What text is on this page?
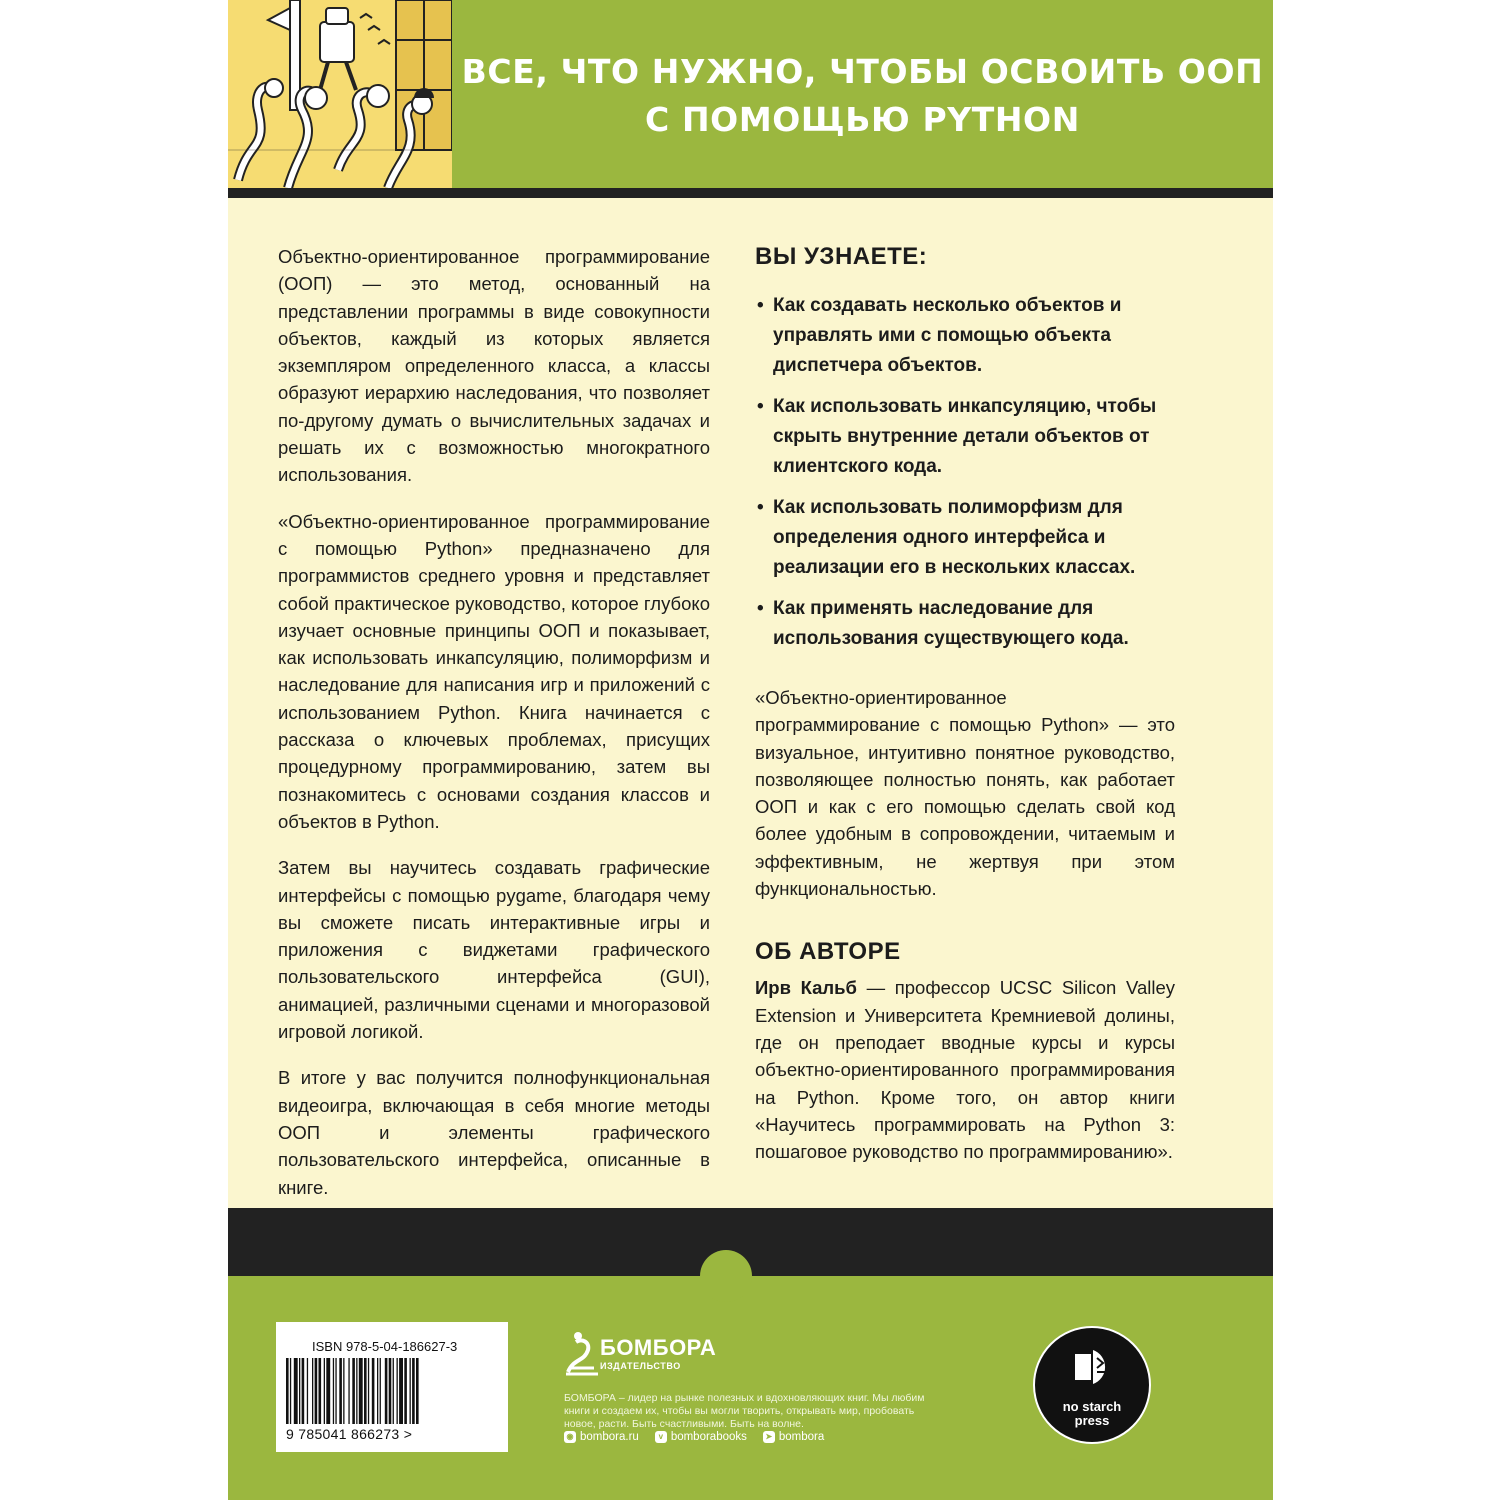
ВСЕ, ЧТО НУЖНО, ЧТОБЫ ОСВОИТЬ ООП
С ПОМОЩЬЮ PYTHON

Объектно-ориентированное программирование (ООП) — это метод, основанный на представлении программы в виде совокупности объектов, каждый из которых является экземпляром определенного класса, а классы образуют иерархию наследования, что позволяет по-другому думать о вычислительных задачах и решать их с возможностью многократного использования.

«Объектно-ориентированное программирование с помощью Python» предназначено для программистов среднего уровня и представляет собой практическое руководство, которое глубоко изучает основные принципы ООП и показывает, как использовать инкапсуляцию, полиморфизм и наследование для написания игр и приложений с использованием Python. Книга начинается с рассказа о ключевых проблемах, присущих процедурному программированию, затем вы познакомитесь с основами создания классов и объектов в Python.

Затем вы научитесь создавать графические интерфейсы с помощью pygame, благодаря чему вы сможете писать интерактивные игры и приложения с виджетами графического пользовательского интерфейса (GUI), анимацией, различными сценами и многоразовой игровой логикой.

В итоге у вас получится полнофункциональная видеоигра, включающая в себя многие методы ООП и элементы графического пользовательского интерфейса, описанные в книге.

ВЫ УЗНАЕТЕ:
• Как создавать несколько объектов и управлять ими с помощью объекта диспетчера объектов.
• Как использовать инкапсуляцию, чтобы скрыть внутренние детали объектов от клиентского кода.
• Как использовать полиморфизм для определения одного интерфейса и реализации его в нескольких классах.
• Как применять наследование для использования существующего кода.

«Объектно-ориентированное программирование с помощью Python» — это визуальное, интуитивно понятное руководство, позволяющее полностью понять, как работает ООП и как с его помощью сделать свой код более удобным в сопровождении, читаемым и эффективным, не жертвуя при этом функциональностью.

ОБ АВТОРЕ

Ирв Кальб — профессор UCSC Silicon Valley Extension и Университета Кремниевой долины, где он преподает вводные курсы и курсы объектно-ориентированного программирования на Python. Кроме того, он автор книги «Научитесь программировать на Python 3: пошаговое руководство по программированию».

ISBN 978-5-04-186627-3
9 785041 866273 >
БОМБОРА
ИЗДАТЕЛЬСТВО
БОМБОРА – лидер на рынке полезных и вдохновляющих книг. Мы любим книги и создаем их, чтобы вы могли творить, открывать мир, пробовать новое, расти. Быть счастливыми. Быть на волне.
◉ bombora.ru	v bomborabooks	➤ bombora
no starch
press
